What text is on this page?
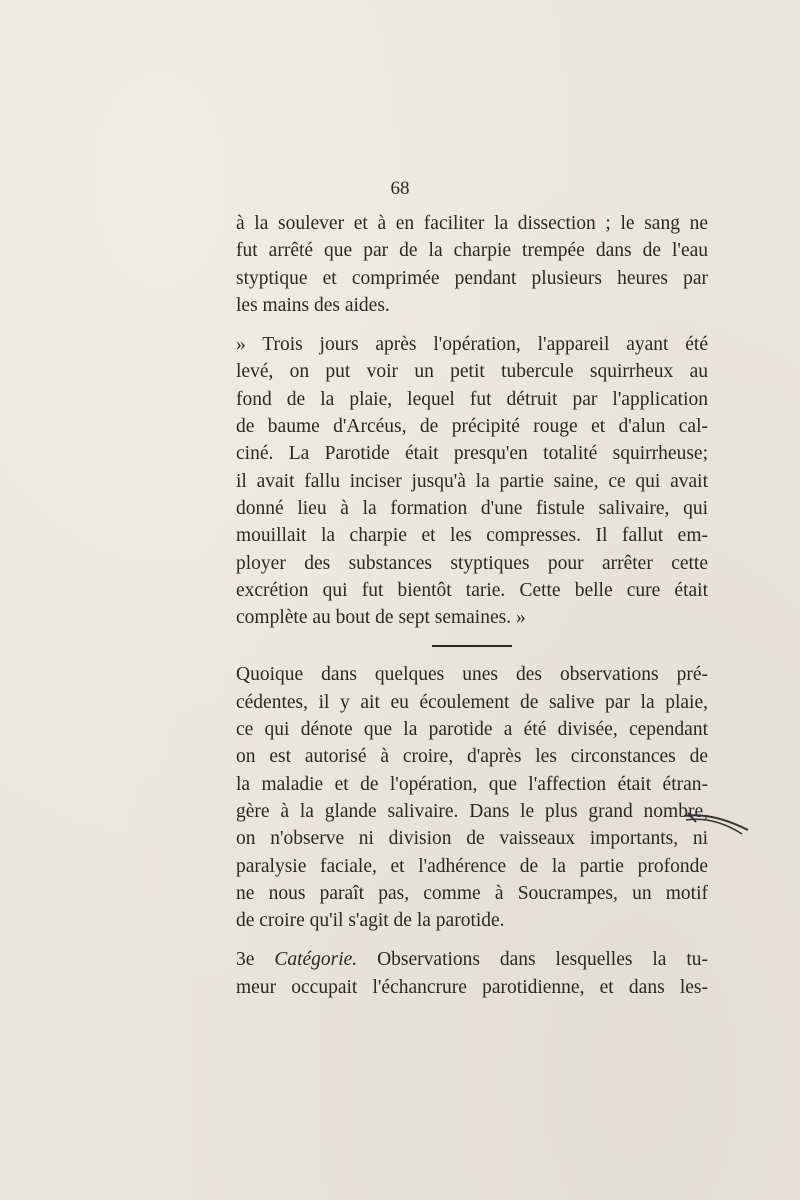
68

à la soulever et à en faciliter la dissection ; le sang ne
fut arrêté que par de la charpie trempée dans de l'eau
styptique et comprimée pendant plusieurs heures par
les mains des aides.

» Trois jours après l'opération, l'appareil ayant été
levé, on put voir un petit tubercule squirrheux au
fond de la plaie, lequel fut détruit par l'application
de baume d'Arcéus, de précipité rouge et d'alun cal-
ciné. La Parotide était presqu'en totalité squirrheuse;
il avait fallu inciser jusqu'à la partie saine, ce qui avait
donné lieu à la formation d'une fistule salivaire, qui
mouillait la charpie et les compresses. Il fallut em-
ployer des substances styptiques pour arrêter cette
excrétion qui fut bientôt tarie. Cette belle cure était
complète au bout de sept semaines. »

Quoique dans quelques unes des observations pré-
cédentes, il y ait eu écoulement de salive par la plaie,
ce qui dénote que la parotide a été divisée, cependant
on est autorisé à croire, d'après les circonstances de
la maladie et de l'opération, que l'affection était étran-
gère à la glande salivaire. Dans le plus grand nombre,
on n'observe ni division de vaisseaux importants, ni
paralysie faciale, et l'adhérence de la partie profonde
ne nous paraît pas, comme à Soucrampes, un motif
de croire qu'il s'agit de la parotide.

3e Catégorie. Observations dans lesquelles la tu-
meur occupait l'échancrure parotidienne, et dans les-
